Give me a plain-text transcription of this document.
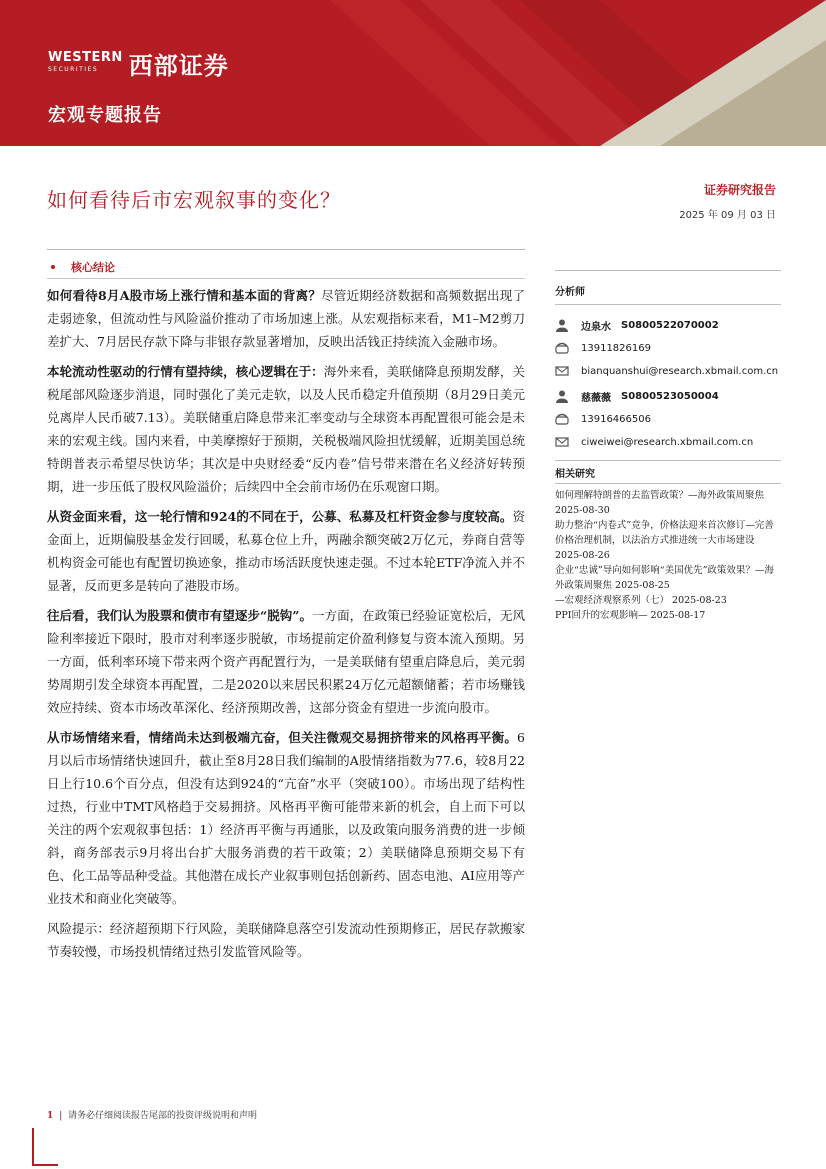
WESTERN
SECURITIES	西部证券
宏观专题报告
如何看待后市宏观叙事的变化？	证券研究报告
2025 年 09 月 03 日
核心结论

如何看待8月A股市场上涨行情和基本面的背离？尽管近期经济数据和高频数据出现了走弱迹象，但流动性与风险溢价推动了市场加速上涨。从宏观指标来看，M1–M2剪刀差扩大、7月居民存款下降与非银存款显著增加，反映出活钱正持续流入金融市场。

本轮流动性驱动的行情有望持续，核心逻辑在于：海外来看，美联储降息预期发酵，关税尾部风险逐步消退，同时强化了美元走软，以及人民币稳定升值预期（8月29日美元兑离岸人民币破7.13）。美联储重启降息带来汇率变动与全球资本再配置很可能会是未来的宏观主线。国内来看，中美摩擦好于预期，关税极端风险担忧缓解，近期美国总统特朗普表示希望尽快访华；其次是中央财经委“反内卷”信号带来潜在名义经济好转预期，进一步压低了股权风险溢价；后续四中全会前市场仍在乐观窗口期。

从资金面来看，这一轮行情和924的不同在于，公募、私募及杠杆资金参与度较高。资金面上，近期偏股基金发行回暖，私募仓位上升，两融余额突破2万亿元，券商自营等机构资金可能也有配置切换迹象，推动市场活跃度快速走强。不过本轮ETF净流入并不显著，反而更多是转向了港股市场。

往后看，我们认为股票和债市有望逐步“脱钩”。一方面，在政策已经验证宽松后，无风险利率接近下限时，股市对利率逐步脱敏，市场提前定价盈利修复与资本流入预期。另一方面，低利率环境下带来两个资产再配置行为，一是美联储有望重启降息后，美元弱势周期引发全球资本再配置，二是2020以来居民积累24万亿元超额储蓄；若市场赚钱效应持续、资本市场改革深化、经济预期改善，这部分资金有望进一步流向股市。

从市场情绪来看，情绪尚未达到极端亢奋，但关注微观交易拥挤带来的风格再平衡。6月以后市场情绪快速回升，截止至8月28日我们编制的A股情绪指数为77.6，较8月22日上行10.6个百分点，但没有达到924的“亢奋”水平（突破100）。市场出现了结构性过热，行业中TMT风格趋于交易拥挤。风格再平衡可能带来新的机会，自上而下可以关注的两个宏观叙事包括：1）经济再平衡与再通胀，以及政策向服务消费的进一步倾斜，商务部表示9月将出台扩大服务消费的若干政策；2）美联储降息预期交易下有色、化工品等品种受益。其他潜在成长产业叙事则包括创新药、固态电池、AI应用等产业技术和商业化突破等。

风险提示：经济超预期下行风险，美联储降息落空引发流动性预期修正，居民存款搬家节奏较慢，市场投机情绪过热引发监管风险等。

分析师
边泉水 S0800522070002
13911826169
bianquanshui@research.xbmail.com.cn
慈薇薇 S0800523050004
13916466506
ciweiwei@research.xbmail.com.cn
相关研究
如何理解特朗普的去监管政策？—海外政策周聚焦 2025-08-30
助力整治“内卷式”竞争，价格法迎来首次修订—完善价格治理机制，以法治方式推进统一大市场建设 2025-08-26
企业“忠诚”导向如何影响“美国优先”政策效果？—海外政策周聚焦 2025-08-25
—宏观经济观察系列（七） 2025-08-23
PPI回升的宏观影响— 2025-08-17
1 |  请务必仔细阅读报告尾部的投资评级说明和声明
